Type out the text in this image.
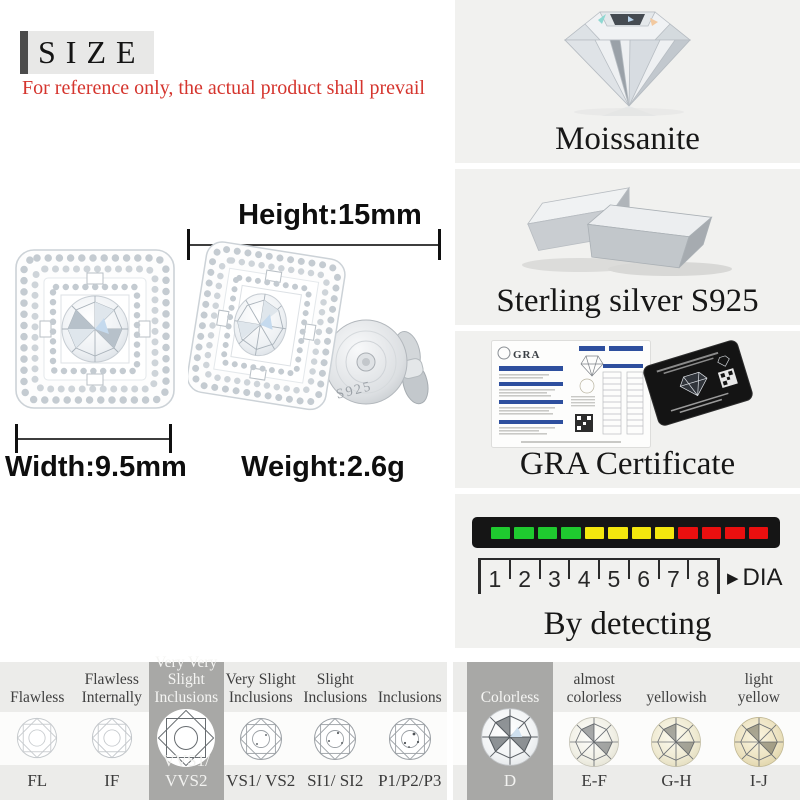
SIZE
For reference only, the actual product shall prevail
Height:15mm
Width:9.5mm	Weight:2.6g
S925
Moissanite
Sterling silver S925
GRA
GRA Certificate
1 2 3 4 5 6 7 8	▶ DIA
By detecting
Flawless
FL
Flawless Internally
IF
Very Very Slight Inclusions
VVS1/ VVS2
Very Slight Inclusions
VS1/ VS2
Slight Inclusions
SI1/ SI2
Inclusions
P1/P2/P3
Colorless
D
almost colorless
E-F
yellowish
G-H
light yellow
I-J
